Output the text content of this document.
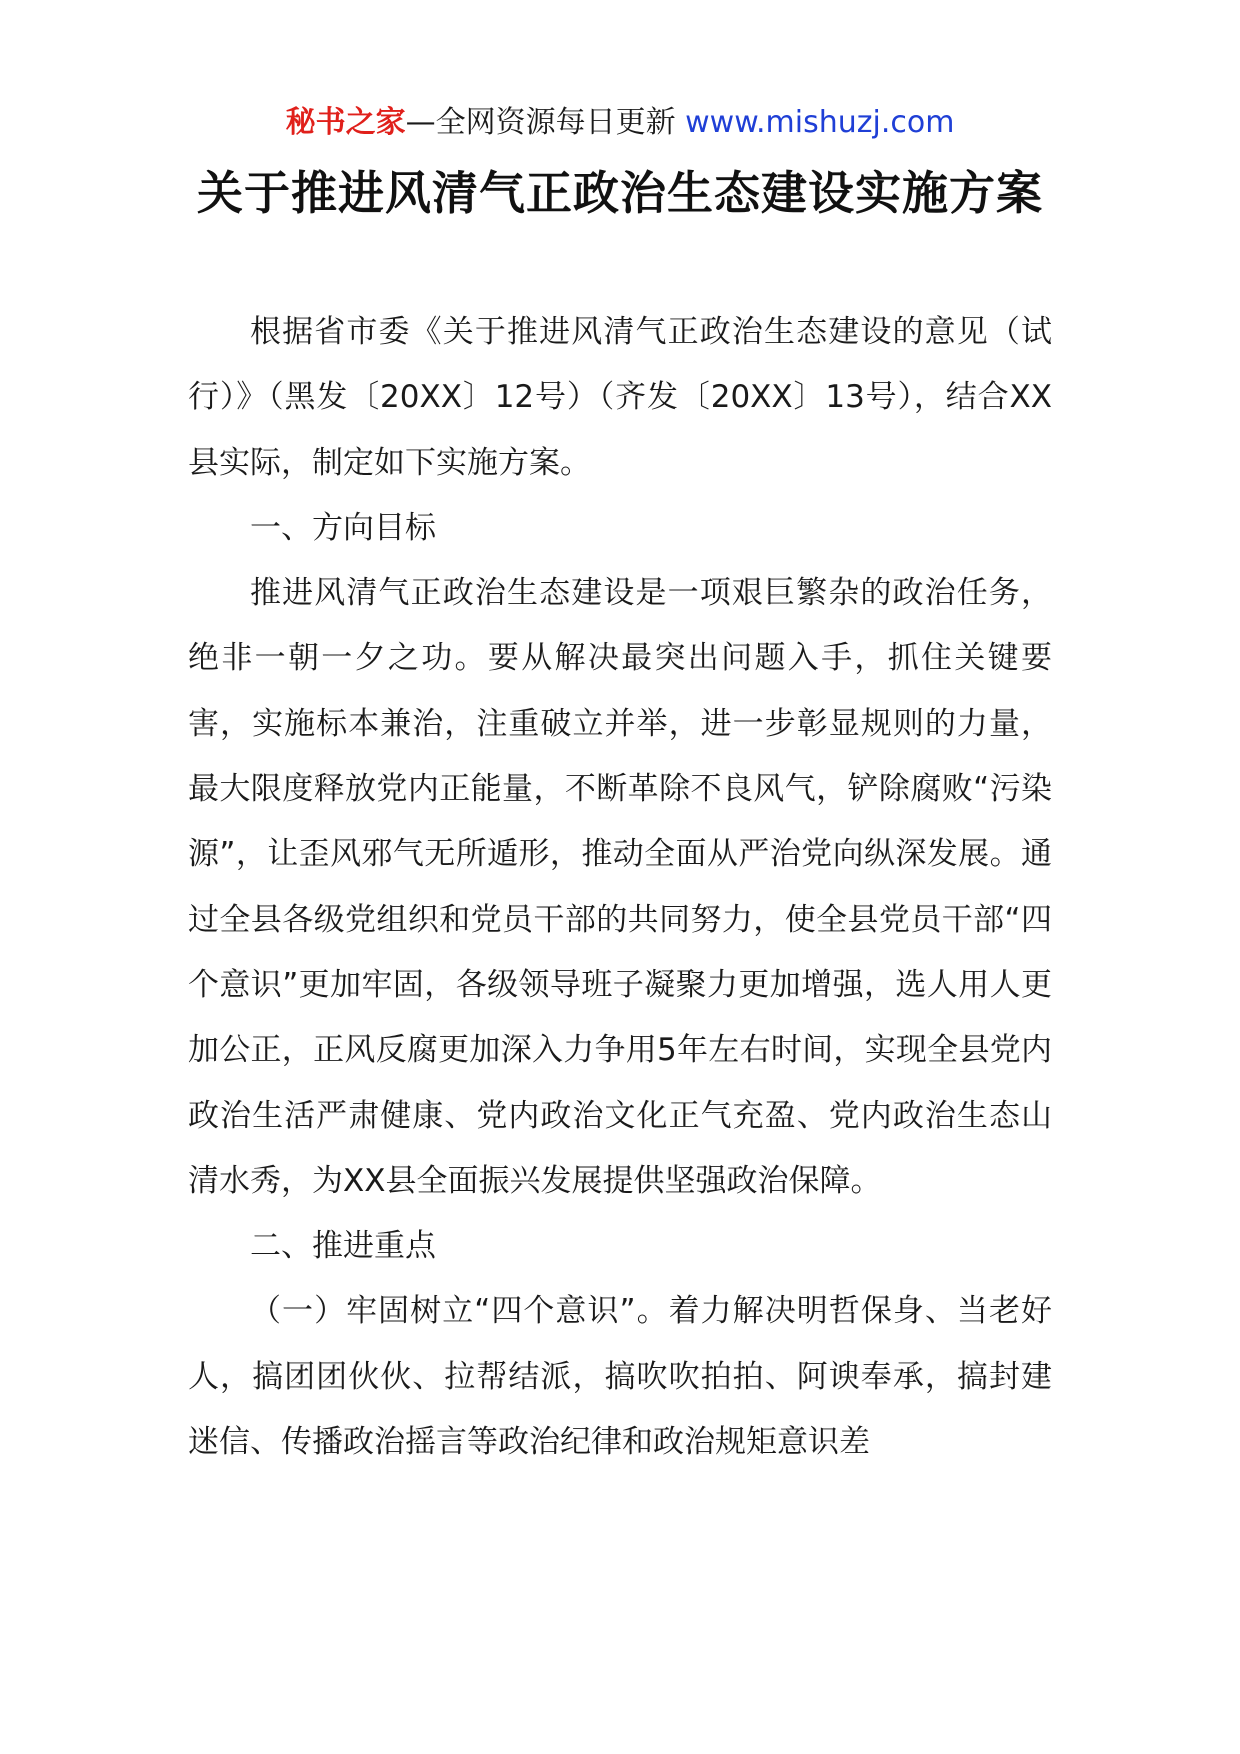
秘书之家—全网资源每日更新 www.mishuzj.com
关于推进风清气正政治生态建设实施方案

根据省市委《关于推进风清气正政治生态建设的意见（试行）》（黑发〔20XX〕12号）（齐发〔20XX〕13号），结合XX县实际，制定如下实施方案。

一、方向目标

推进风清气正政治生态建设是一项艰巨繁杂的政治任务，绝非一朝一夕之功。要从解决最突出问题入手，抓住关键要害，实施标本兼治，注重破立并举，进一步彰显规则的力量，最大限度释放党内正能量，不断革除不良风气，铲除腐败“污染源”，让歪风邪气无所遁形，推动全面从严治党向纵深发展。通过全县各级党组织和党员干部的共同努力，使全县党员干部“四个意识”更加牢固，各级领导班子凝聚力更加增强，选人用人更加公正，正风反腐更加深入力争用5年左右时间，实现全县党内政治生活严肃健康、党内政治文化正气充盈、党内政治生态山清水秀，为XX县全面振兴发展提供坚强政治保障。

二、推进重点

（一）牢固树立“四个意识”。着力解决明哲保身、当老好人，搞团团伙伙、拉帮结派，搞吹吹拍拍、阿谀奉承，搞封建迷信、传播政治摇言等政治纪律和政治规矩意识差
